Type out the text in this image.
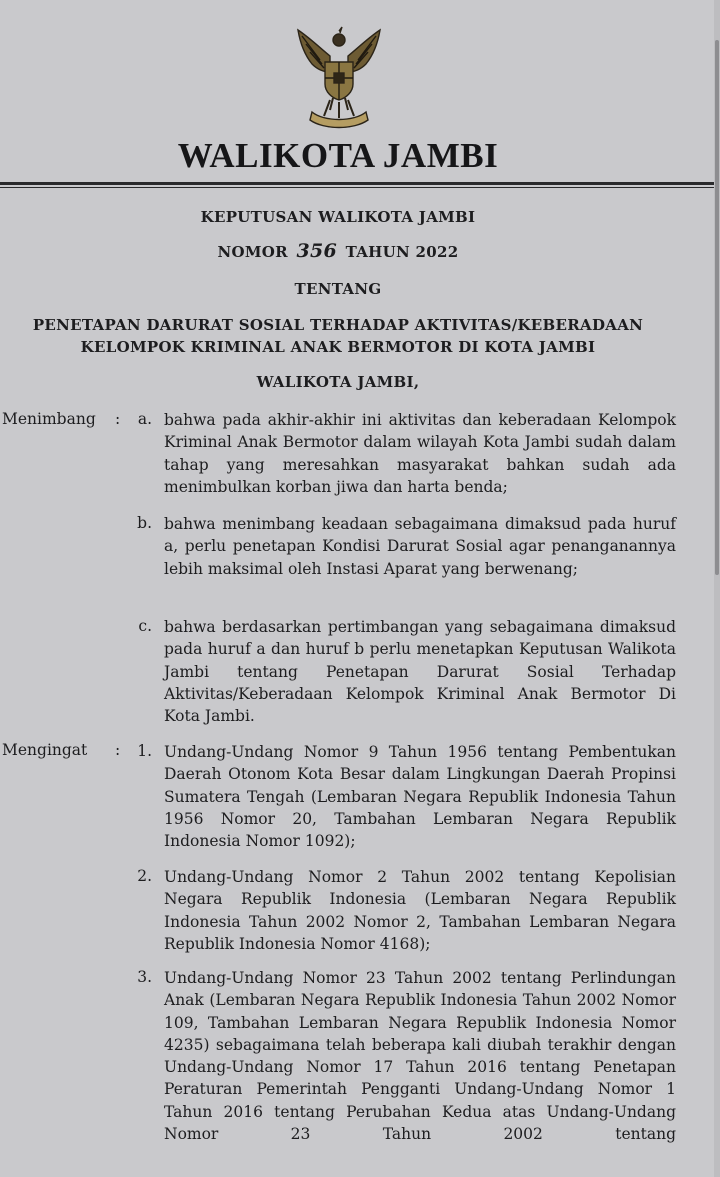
WALIKOTA JAMBI
KEPUTUSAN WALIKOTA JAMBI
NOMOR 356 TAHUN 2022
TENTANG
PENETAPAN DARURAT SOSIAL TERHADAP AKTIVITAS/KEBERADAAN
KELOMPOK KRIMINAL ANAK BERMOTOR DI KOTA JAMBI
WALIKOTA JAMBI,
Menimbang :	a. bahwa pada akhir-akhir ini aktivitas dan keberadaan Kelompok Kriminal Anak Bermotor dalam wilayah Kota Jambi sudah dalam tahap yang meresahkan masyarakat bahkan sudah ada menimbulkan korban jiwa dan harta benda;
b. bahwa menimbang keadaan sebagaimana dimaksud pada huruf a, perlu penetapan Kondisi Darurat Sosial agar penanganannya lebih maksimal oleh Instasi Aparat yang berwenang;
c. bahwa berdasarkan pertimbangan yang sebagaimana dimaksud pada huruf a dan huruf b perlu menetapkan Keputusan Walikota Jambi tentang Penetapan Darurat Sosial Terhadap Aktivitas/Keberadaan Kelompok Kriminal Anak Bermotor Di Kota Jambi.
Mengingat :	1. Undang-Undang Nomor 9 Tahun 1956 tentang Pembentukan Daerah Otonom Kota Besar dalam Lingkungan Daerah Propinsi Sumatera Tengah (Lembaran Negara Republik Indonesia Tahun 1956 Nomor 20, Tambahan Lembaran Negara Republik Indonesia Nomor 1092);
2. Undang-Undang Nomor 2 Tahun 2002 tentang Kepolisian Negara Republik Indonesia (Lembaran Negara Republik Indonesia Tahun 2002 Nomor 2, Tambahan Lembaran Negara Republik Indonesia Nomor 4168);
3. Undang-Undang Nomor 23 Tahun 2002 tentang Perlindungan Anak (Lembaran Negara Republik Indonesia Tahun 2002 Nomor 109, Tambahan Lembaran Negara Republik Indonesia Nomor 4235) sebagaimana telah beberapa kali diubah terakhir dengan Undang-Undang Nomor 17 Tahun 2016 tentang Penetapan Peraturan Pemerintah Pengganti Undang-Undang Nomor 1 Tahun 2016 tentang Perubahan Kedua atas Undang-Undang Nomor 23 Tahun 2002 tentang
